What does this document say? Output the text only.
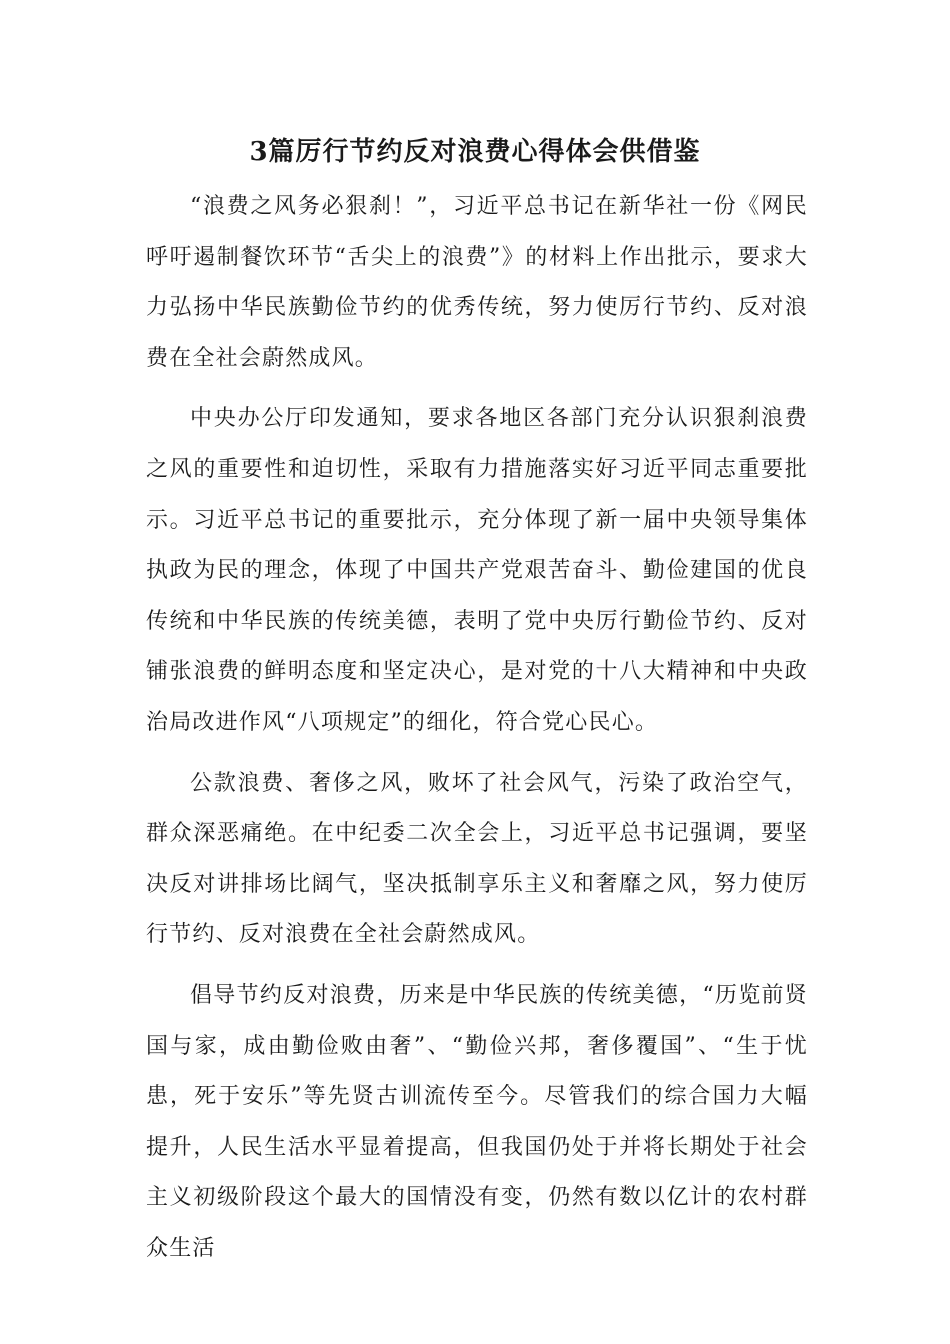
3篇厉行节约反对浪费心得体会供借鉴

“浪费之风务必狠刹！”，习近平总书记在新华社一份《网民呼吁遏制餐饮环节“舌尖上的浪费”》的材料上作出批示，要求大力弘扬中华民族勤俭节约的优秀传统，努力使厉行节约、反对浪费在全社会蔚然成风。

中央办公厅印发通知，要求各地区各部门充分认识狠刹浪费之风的重要性和迫切性，采取有力措施落实好习近平同志重要批示。习近平总书记的重要批示，充分体现了新一届中央领导集体执政为民的理念，体现了中国共产党艰苦奋斗、勤俭建国的优良传统和中华民族的传统美德，表明了党中央厉行勤俭节约、反对铺张浪费的鲜明态度和坚定决心，是对党的十八大精神和中央政治局改进作风“八项规定”的细化，符合党心民心。

公款浪费、奢侈之风，败坏了社会风气，污染了政治空气，群众深恶痛绝。在中纪委二次全会上，习近平总书记强调，要坚决反对讲排场比阔气，坚决抵制享乐主义和奢靡之风，努力使厉行节约、反对浪费在全社会蔚然成风。

倡导节约反对浪费，历来是中华民族的传统美德，“历览前贤国与家，成由勤俭败由奢”、“勤俭兴邦，奢侈覆国”、“生于忧患，死于安乐”等先贤古训流传至今。尽管我们的综合国力大幅提升，人民生活水平显着提高，但我国仍处于并将长期处于社会主义初级阶段这个最大的国情没有变，仍然有数以亿计的农村群众生活
